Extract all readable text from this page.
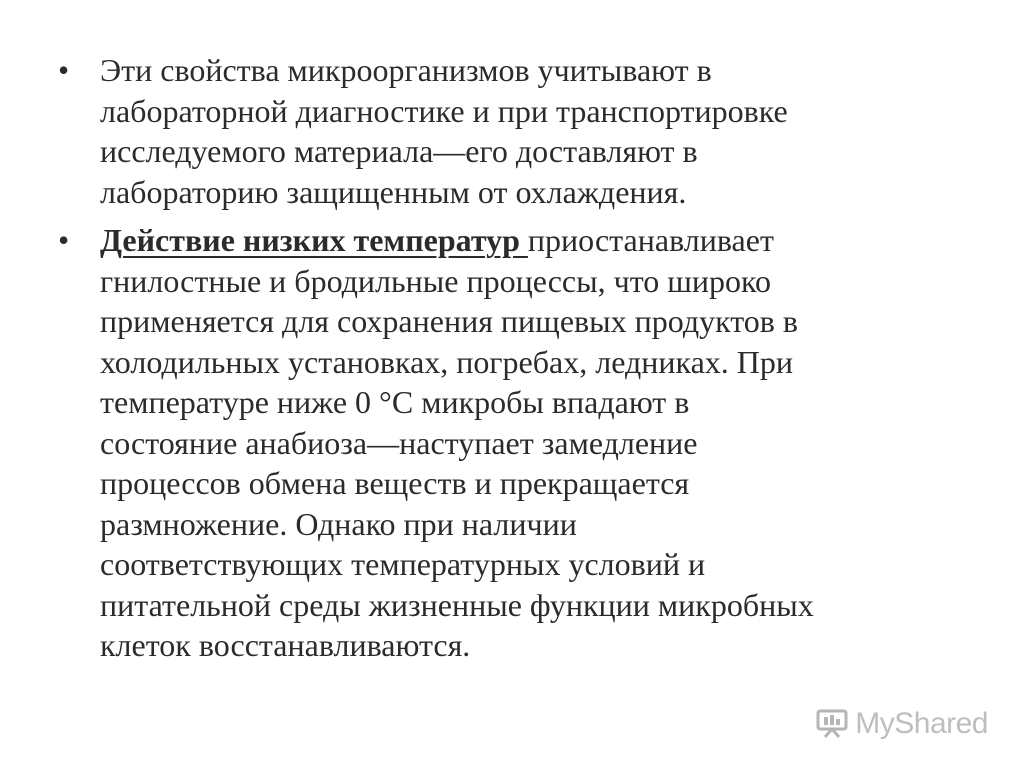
• Эти свойства микроорганизмов учитывают в
лабораторной диагностике и при транспортировке
исследуемого материала—его доставляют в
лабораторию защищенным от охлаждения.
• Действие низких температур приостанавливает
гнилостные и бродильные процессы, что широко
применяется для сохранения пищевых продуктов в
холодильных установках, погребах, ледниках. При
температуре ниже 0 °С микробы впадают в
состояние анабиоза—наступает замедление
процессов обмена веществ и прекращается
размножение. Однако при наличии
соответствующих температурных условий и
питательной среды жизненные функции микробных
клеток восстанавливаются.
MyShared
